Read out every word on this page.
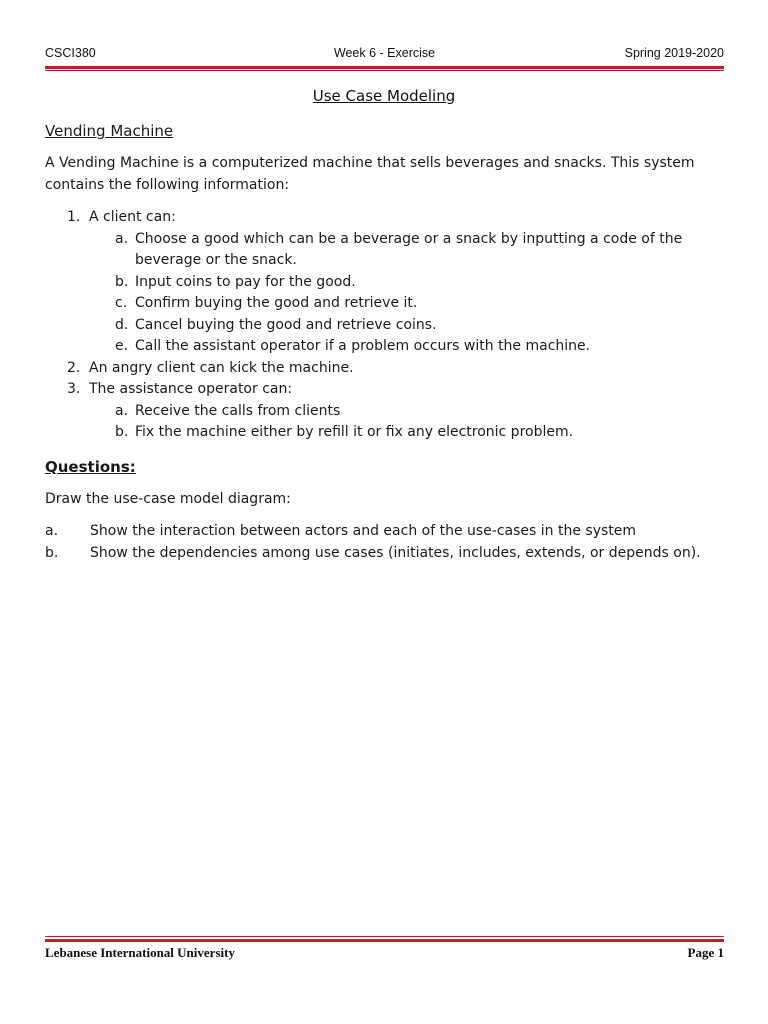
CSCI380	Week 6 - Exercise	Spring 2019-2020
Use Case Modeling
Vending Machine

A Vending Machine is a computerized machine that sells beverages and snacks. This system contains the following information:

1. A client can:
a. Choose a good which can be a beverage or a snack by inputting a code of the beverage or the snack.
b. Input coins to pay for the good.
c. Confirm buying the good and retrieve it.
d. Cancel buying the good and retrieve coins.
e. Call the assistant operator if a problem occurs with the machine.
2. An angry client can kick the machine.
3. The assistance operator can:
a. Receive the calls from clients
b. Fix the machine either by refill it or fix any electronic problem.
Questions:

Draw the use-case model diagram:

a. Show the interaction between actors and each of the use-cases in the system
b. Show the dependencies among use cases (initiates, includes, extends, or depends on).
Lebanese International University	Page 1
